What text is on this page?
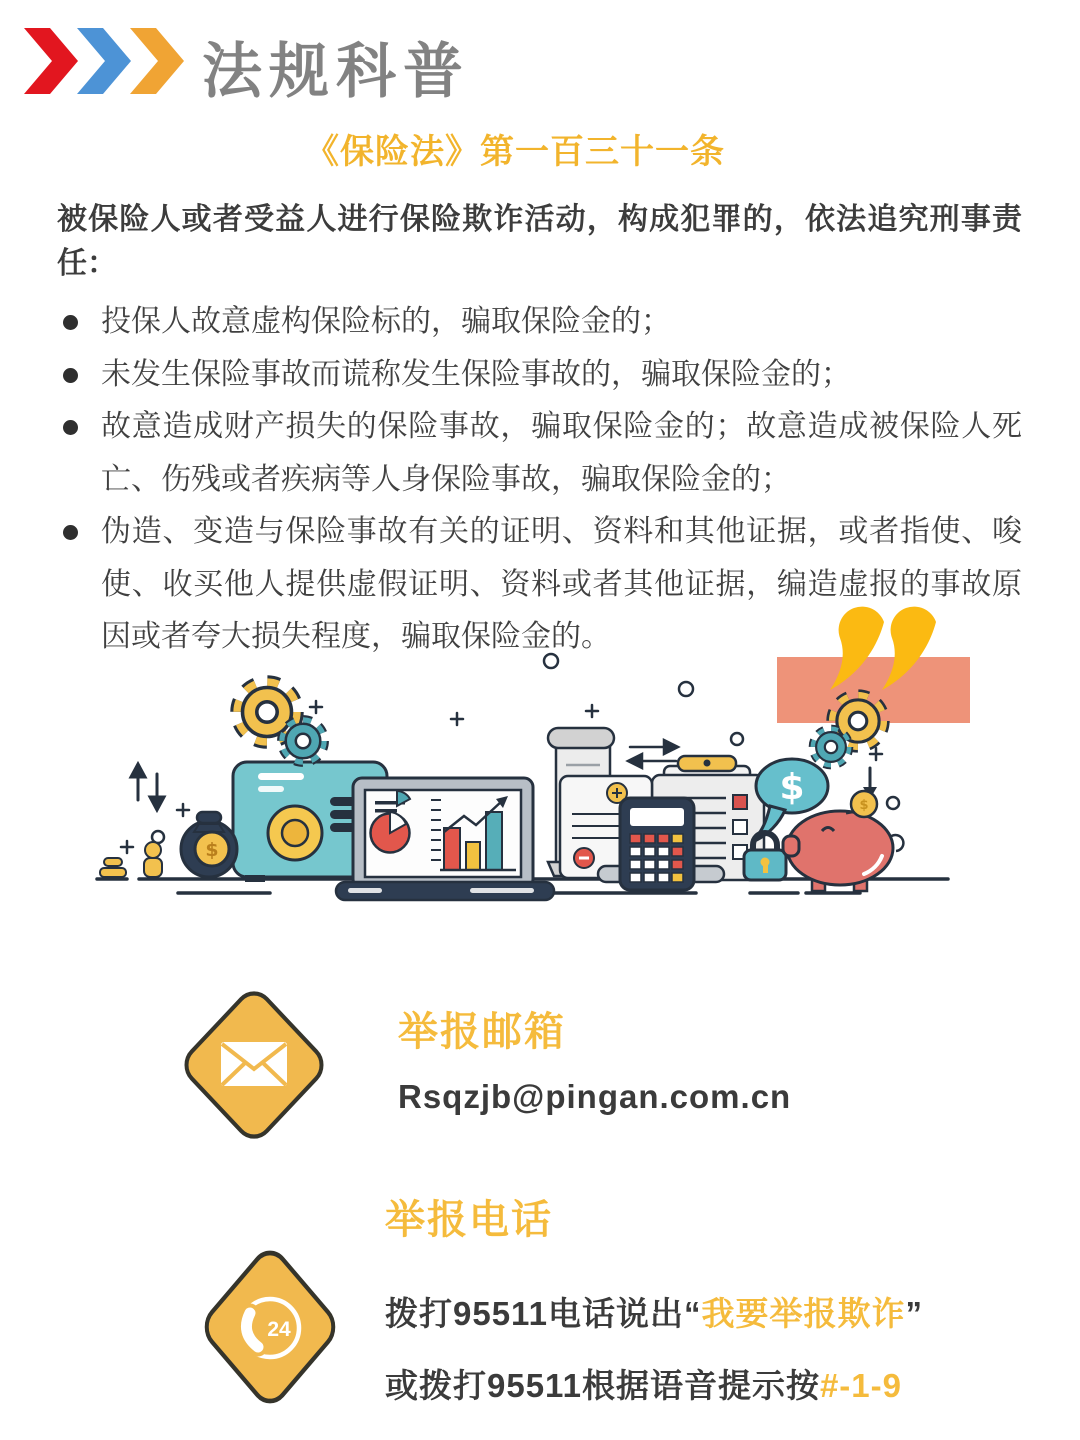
法规科普
《保险法》第一百三十一条

被保险人或者受益人进行保险欺诈活动，构成犯罪的，依法追究刑事责任：

投保人故意虚构保险标的，骗取保险金的；
未发生保险事故而谎称发生保险事故的，骗取保险金的；
故意造成财产损失的保险事故，骗取保险金的；故意造成被保险人死亡、伤残或者疾病等人身保险事故，骗取保险金的；
伪造、变造与保险事故有关的证明、资料和其他证据，或者指使、唆使、收买他人提供虚假证明、资料或者其他证据，编造虚报的事故原因或者夸大损失程度，骗取保险金的。
$
$	$
举报邮箱
Rsqzjb@pingan.com.cn
举报电话
24	拨打95511电话说出“我要举报欺诈”
或拨打95511根据语音提示按#-1-9
